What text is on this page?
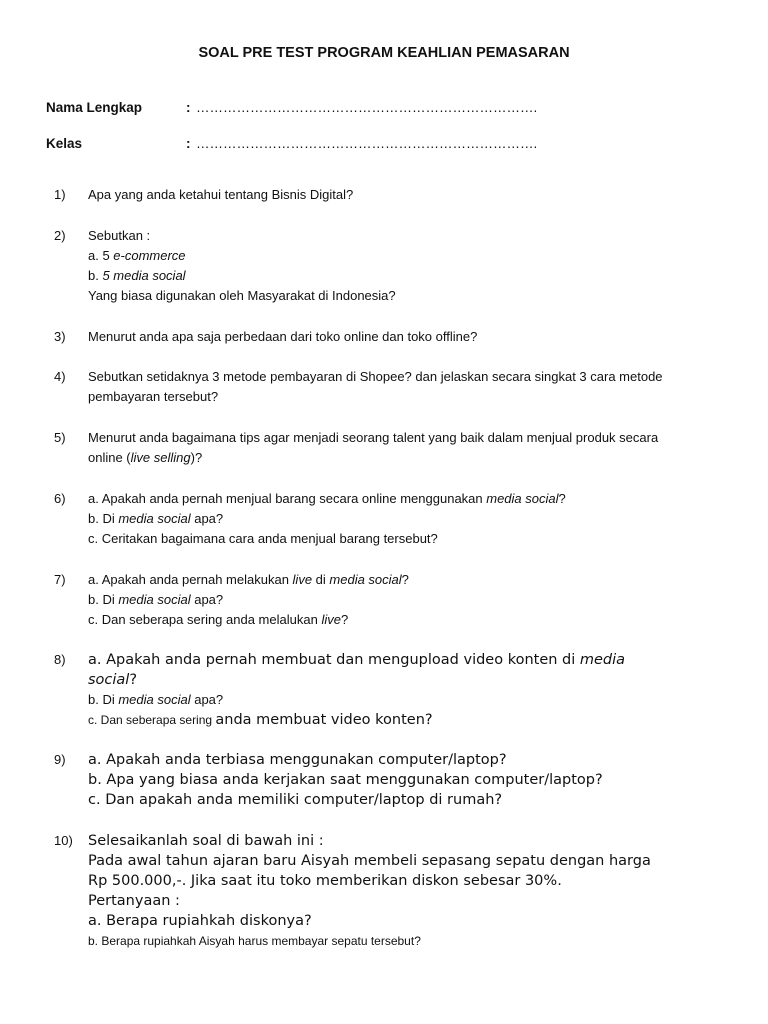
SOAL PRE TEST PROGRAM KEAHLIAN PEMASARAN
Nama Lengkap	: ………………………………………………………………….
Kelas	: ………………………………………………………………….
1)	Apa yang anda ketahui tentang Bisnis Digital?
2)	Sebutkan :
a. 5 e-commerce
b. 5 media social
Yang biasa digunakan oleh Masyarakat di Indonesia?
3)	Menurut anda apa saja perbedaan dari toko online dan toko offline?
4)	Sebutkan setidaknya 3 metode pembayaran di Shopee? dan jelaskan secara singkat 3 cara metode
pembayaran tersebut?
5)	Menurut anda bagaimana tips agar menjadi seorang talent yang baik dalam menjual produk secara
online (live selling)?
6)	a. Apakah anda pernah menjual barang secara online menggunakan media social?
b. Di media social apa?
c. Ceritakan bagaimana cara anda menjual barang tersebut?
7)	a. Apakah anda pernah melakukan live di media social?
b. Di media social apa?
c. Dan seberapa sering anda melalukan live?
8)	a. Apakah anda pernah membuat dan mengupload video konten di media
social?
b. Di media social apa?
c. Dan seberapa sering anda membuat video konten?
9)	a. Apakah anda terbiasa menggunakan computer/laptop?
b. Apa yang biasa anda kerjakan saat menggunakan computer/laptop?
c. Dan apakah anda memiliki computer/laptop di rumah?
10)	Selesaikanlah soal di bawah ini :
Pada awal tahun ajaran baru Aisyah membeli sepasang sepatu dengan harga
Rp 500.000,-. Jika saat itu toko memberikan diskon sebesar 30%.
Pertanyaan :
a. Berapa rupiahkah diskonya?
b. Berapa rupiahkah Aisyah harus membayar sepatu tersebut?
